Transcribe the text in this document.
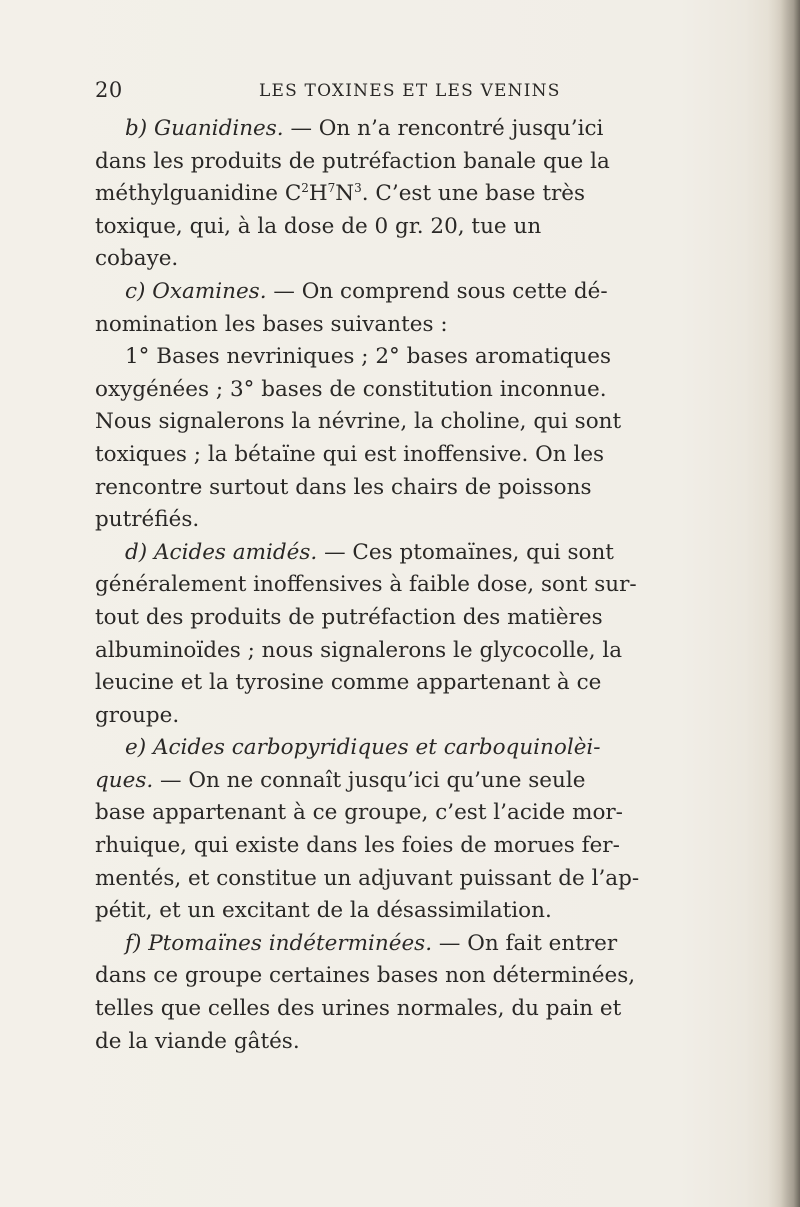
20	LES TOXINES ET LES VENINS
b) Guanidines. — On n’a rencontré jusqu’ici
dans les produits de putréfaction banale que la
méthylguanidine $C^2H^7N^3$. C’est une base très
toxique, qui, à la dose de 0 gr. 20, tue un
cobaye.
c) Oxamines. — On comprend sous cette dé-
nomination les bases suivantes :
1° Bases nevriniques ; 2° bases aromatiques
oxygénées ; 3° bases de constitution inconnue.
Nous signalerons la névrine, la choline, qui sont
toxiques ; la bétaïne qui est inoffensive. On les
rencontre surtout dans les chairs de poissons
putréfiés.
d) Acides amidés. — Ces ptomaïnes, qui sont
généralement inoffensives à faible dose, sont sur-
tout des produits de putréfaction des matières
albuminoïdes ; nous signalerons le glycocolle, la
leucine et la tyrosine comme appartenant à ce
groupe.
e) Acides carbopyridiques et carboquinolèi-
ques. — On ne connaît jusqu’ici qu’une seule
base appartenant à ce groupe, c’est l’acide mor-
rhuique, qui existe dans les foies de morues fer-
mentés, et constitue un adjuvant puissant de l’ap-
pétit, et un excitant de la désassimilation.
f) Ptomaïnes indéterminées. — On fait entrer
dans ce groupe certaines bases non déterminées,
telles que celles des urines normales, du pain et
de la viande gâtés.
